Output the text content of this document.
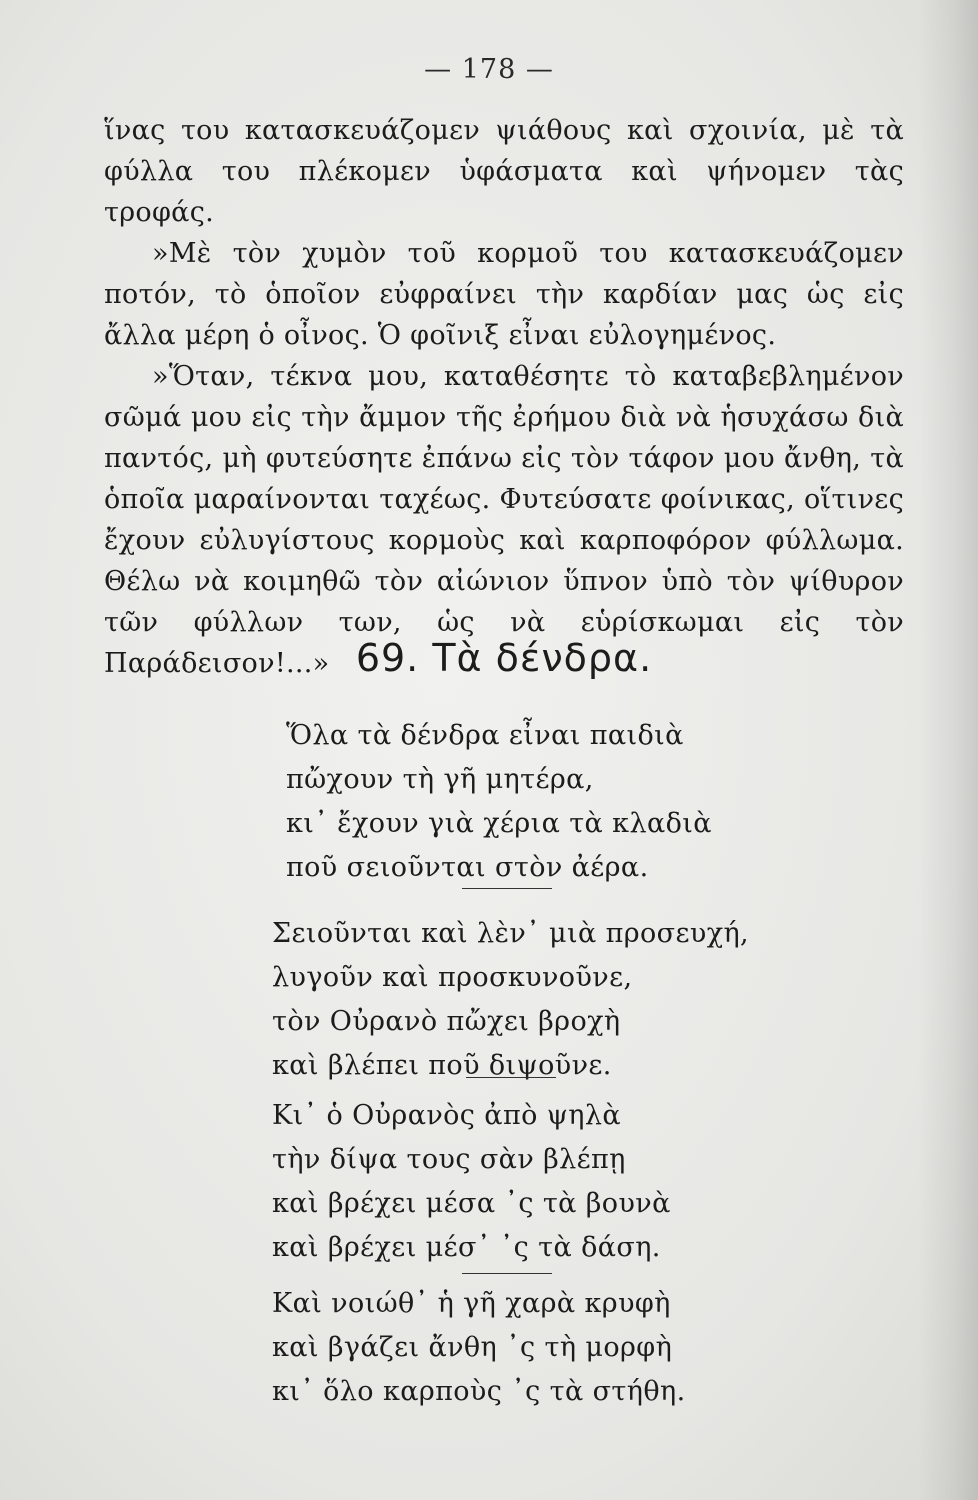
— 178 —

ἵνας του κατασκευάζομεν ψιάθους καὶ σχοινία, μὲ τὰ φύλλα του πλέκομεν ὑφάσματα καὶ ψήνομεν τὰς τροφάς.

»Μὲ τὸν χυμὸν τοῦ κορμοῦ του κατασκευάζομεν ποτόν, τὸ ὁποῖον εὐφραίνει τὴν καρδίαν μας ὡς εἰς ἄλλα μέρη ὁ οἶνος. Ὁ φοῖνιξ εἶναι εὐλογημένος.

»Ὅταν, τέκνα μου, καταθέσητε τὸ καταβεβλημένον σῶμά μου εἰς τὴν ἄμμον τῆς ἐρήμου διὰ νὰ ἡσυχάσω διὰ παντός, μὴ φυτεύσητε ἐπάνω εἰς τὸν τάφον μου ἄνθη, τὰ ὁποῖα μαραίνονται ταχέως. Φυτεύσατε φοίνικας, οἵτινες ἔχουν εὐλυγίστους κορμοὺς καὶ καρποφόρον φύλλωμα. Θέλω νὰ κοιμηθῶ τὸν αἰώνιον ὕπνον ὑπὸ τὸν ψίθυρον τῶν φύλλων των, ὡς νὰ εὑρίσκωμαι εἰς τὸν Παράδεισον!...» 69. Τὰ δένδρα.
Ὅλα τὰ δένδρα εἶναι παιδιὰ
πὤχουν τὴ γῆ μητέρα,
κι᾽ ἔχουν γιὰ χέρια τὰ κλαδιὰ
ποῦ σειοῦνται στὸν ἀέρα.
Σειοῦνται καὶ λὲν᾽ μιὰ προσευχή,
λυγοῦν καὶ προσκυνοῦνε,
τὸν Οὐρανὸ πὤχει βροχὴ
καὶ βλέπει ποῦ διψοῦνε.
Κι᾽ ὁ Οὐρανὸς ἀπὸ ψηλὰ
τὴν δίψα τους σὰν βλέπῃ
καὶ βρέχει μέσα ᾽ς τὰ βουνὰ
καὶ βρέχει μέσ᾽ ᾽ς τὰ δάση.
Καὶ νοιώθ᾽ ἡ γῆ χαρὰ κρυφὴ
καὶ βγάζει ἄνθη ᾽ς τὴ μορφὴ
κι᾽ ὅλο καρποὺς ᾽ς τὰ στήθη.
